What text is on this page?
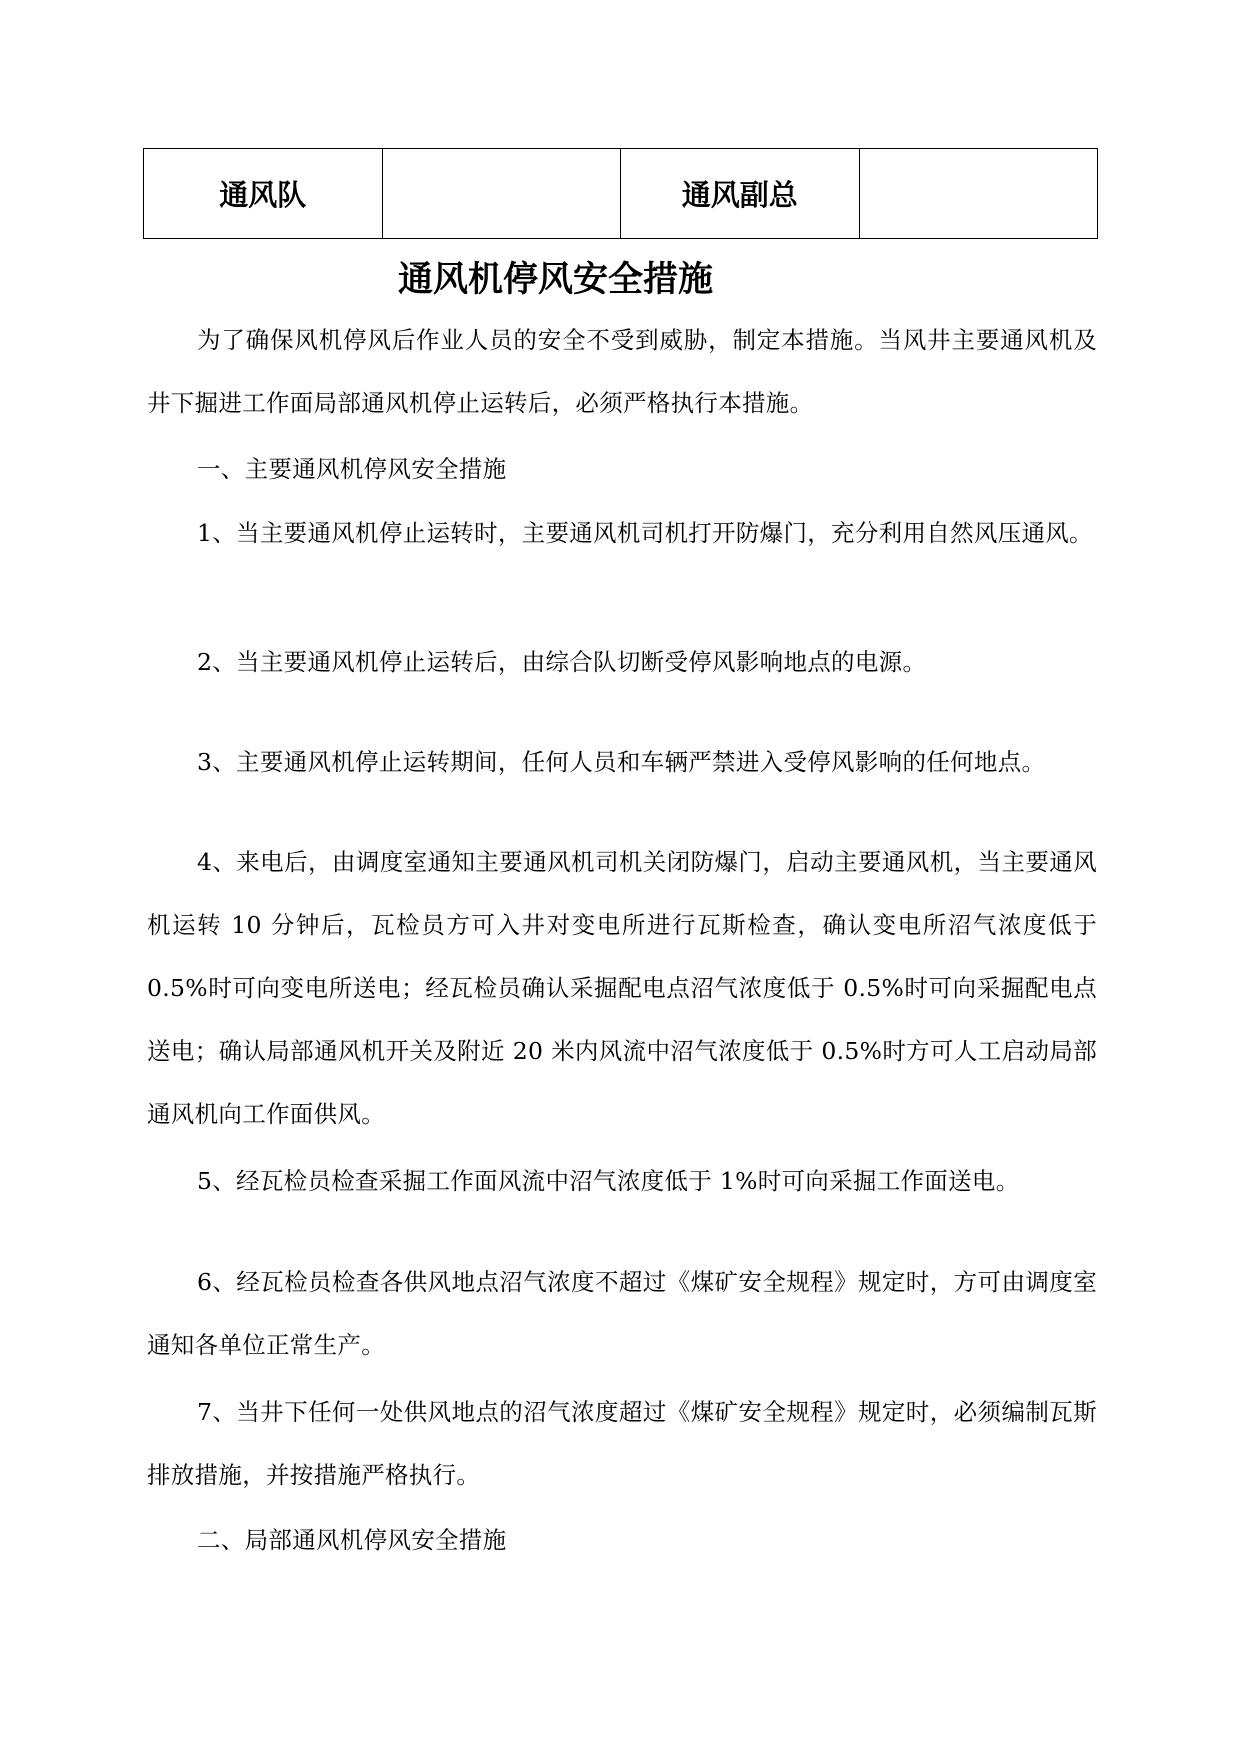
通风队		通风副总	
通风机停风安全措施

为了确保风机停风后作业人员的安全不受到威胁，制定本措施。当风井主要通风机及井下掘进工作面局部通风机停止运转后，必须严格执行本措施。

一、主要通风机停风安全措施

1、当主要通风机停止运转时，主要通风机司机打开防爆门，充分利用自然风压通风。

2、当主要通风机停止运转后，由综合队切断受停风影响地点的电源。

3、主要通风机停止运转期间，任何人员和车辆严禁进入受停风影响的任何地点。

4、来电后，由调度室通知主要通风机司机关闭防爆门，启动主要通风机，当主要通风机运转 10 分钟后，瓦检员方可入井对变电所进行瓦斯检查，确认变电所沼气浓度低于 0.5%时可向变电所送电；经瓦检员确认采掘配电点沼气浓度低于 0.5%时可向采掘配电点送电；确认局部通风机开关及附近 20 米内风流中沼气浓度低于 0.5%时方可人工启动局部通风机向工作面供风。

5、经瓦检员检查采掘工作面风流中沼气浓度低于 1%时可向采掘工作面送电。

6、经瓦检员检查各供风地点沼气浓度不超过《煤矿安全规程》规定时，方可由调度室通知各单位正常生产。

7、当井下任何一处供风地点的沼气浓度超过《煤矿安全规程》规定时，必须编制瓦斯排放措施，并按措施严格执行。

二、局部通风机停风安全措施
